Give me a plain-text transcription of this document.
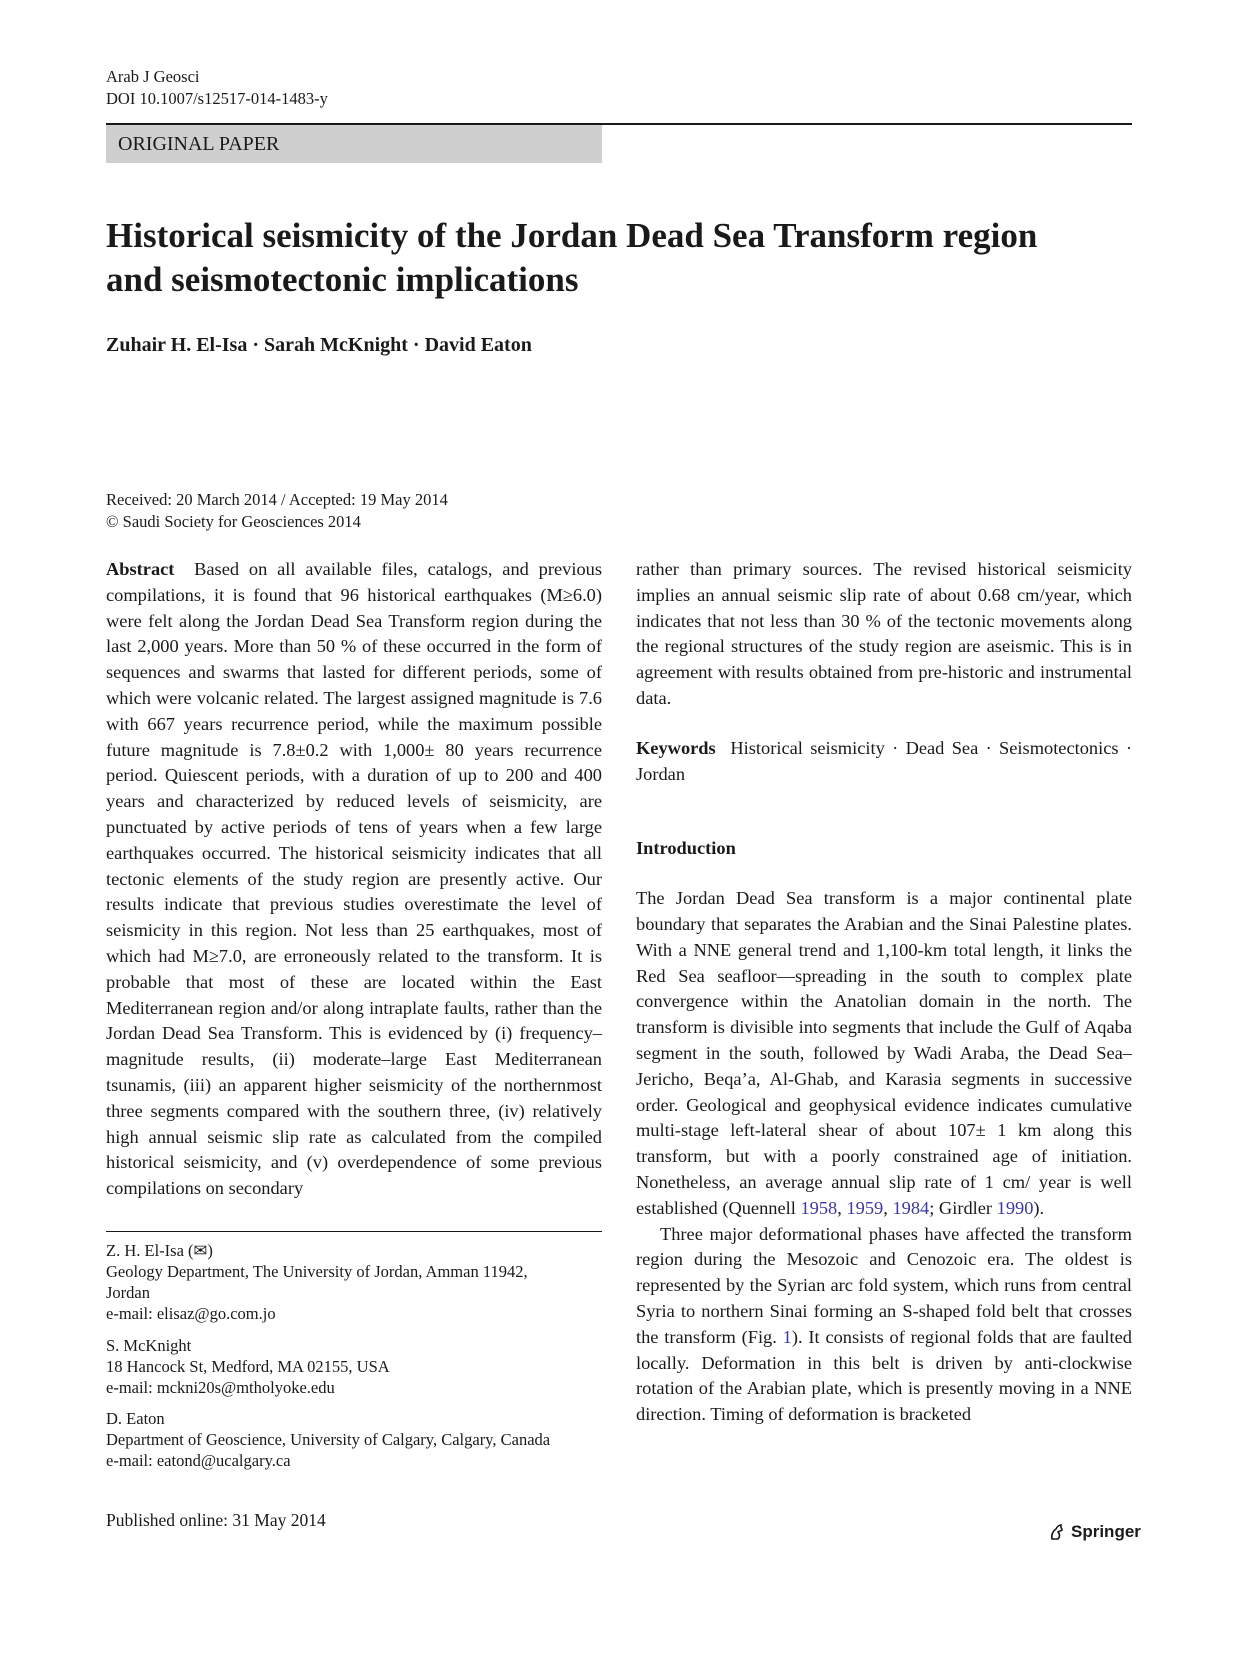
Arab J Geosci
DOI 10.1007/s12517-014-1483-y
ORIGINAL PAPER
Historical seismicity of the Jordan Dead Sea Transform region
and seismotectonic implications
Zuhair H. El-Isa · Sarah McKnight · David Eaton
Received: 20 March 2014 / Accepted: 19 May 2014
© Saudi Society for Geosciences 2014

Abstract Based on all available files, catalogs, and previous compilations, it is found that 96 historical earthquakes (M≥6.0) were felt along the Jordan Dead Sea Transform region during the last 2,000 years. More than 50 % of these occurred in the form of sequences and swarms that lasted for different periods, some of which were volcanic related. The largest assigned magnitude is 7.6 with 667 years recurrence period, while the maximum possible future magnitude is 7.8±0.2 with 1,000± 80 years recurrence period. Quiescent periods, with a duration of up to 200 and 400 years and characterized by reduced levels of seismicity, are punctuated by active periods of tens of years when a few large earthquakes occurred. The historical seismicity indicates that all tectonic elements of the study region are presently active. Our results indicate that previous studies overestimate the level of seismicity in this region. Not less than 25 earthquakes, most of which had M≥7.0, are erroneously related to the transform. It is probable that most of these are located within the East Mediterranean region and/or along intraplate faults, rather than the Jordan Dead Sea Transform. This is evidenced by (i) frequency–magnitude results, (ii) moderate–large East Mediterranean tsunamis, (iii) an apparent higher seismicity of the northernmost three segments compared with the southern three, (iv) relatively high annual seismic slip rate as calculated from the compiled historical seismicity, and (v) overdependence of some previous compilations on secondary

rather than primary sources. The revised historical seismicity implies an annual seismic slip rate of about 0.68 cm/year, which indicates that not less than 30 % of the tectonic movements along the regional structures of the study region are aseismic. This is in agreement with results obtained from pre-historic and instrumental data.

Keywords Historical seismicity · Dead Sea · Seismotectonics · Jordan

Introduction

The Jordan Dead Sea transform is a major continental plate boundary that separates the Arabian and the Sinai Palestine plates. With a NNE general trend and 1,100-km total length, it links the Red Sea seafloor—spreading in the south to complex plate convergence within the Anatolian domain in the north. The transform is divisible into segments that include the Gulf of Aqaba segment in the south, followed by Wadi Araba, the Dead Sea–Jericho, Beqa’a, Al-Ghab, and Karasia segments in successive order. Geological and geophysical evidence indicates cumulative multi-stage left-lateral shear of about 107± 1 km along this transform, but with a poorly constrained age of initiation. Nonetheless, an average annual slip rate of 1 cm/ year is well established (Quennell 1958, 1959, 1984; Girdler 1990).

Three major deformational phases have affected the transform region during the Mesozoic and Cenozoic era. The oldest is represented by the Syrian arc fold system, which runs from central Syria to northern Sinai forming an S-shaped fold belt that crosses the transform (Fig. 1). It consists of regional folds that are faulted locally. Deformation in this belt is driven by anti-clockwise rotation of the Arabian plate, which is presently moving in a NNE direction. Timing of deformation is bracketed

Z. H. El-Isa (✉)
Geology Department, The University of Jordan, Amman 11942,
Jordan
e-mail: elisaz@go.com.jo
S. McKnight
18 Hancock St, Medford, MA 02155, USA
e-mail: mckni20s@mtholyoke.edu
D. Eaton
Department of Geoscience, University of Calgary, Calgary, Canada
e-mail: eatond@ucalgary.ca
Published online: 31 May 2014
Springer
